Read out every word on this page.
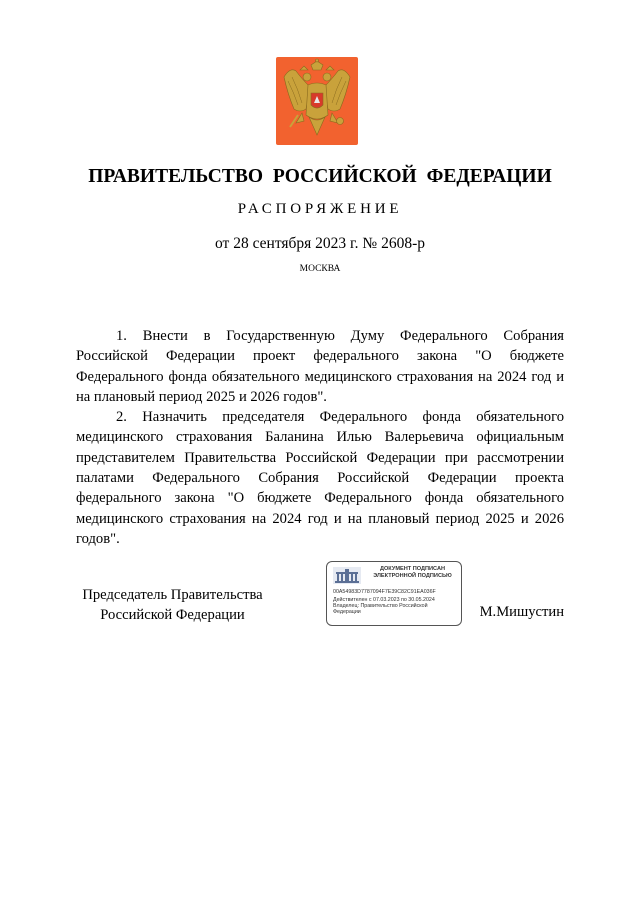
ПРАВИТЕЛЬСТВО РОССИЙСКОЙ ФЕДЕРАЦИИ
РАСПОРЯЖЕНИЕ
от 28 сентября 2023 г. № 2608-р
МОСКВА

1. Внести в Государственную Думу Федерального Собрания Российской Федерации проект федерального закона "О бюджете Федерального фонда обязательного медицинского страхования на 2024 год и на плановый период 2025 и 2026 годов".

2. Назначить председателя Федерального фонда обязательного медицинского страхования Баланина Илью Валерьевича официальным представителем Правительства Российской Федерации при рассмотрении палатами Федерального Собрания Российской Федерации проекта федерального закона "О бюджете Федерального фонда обязательного медицинского страхования на 2024 год и на плановый период 2025 и 2026 годов".

Председатель Правительства
Российской Федерации
ДОКУМЕНТ ПОДПИСАН
ЭЛЕКТРОННОЙ ПОДПИСЬЮ
00A54983D7787094F7E39C82C91EA036F
Действителен с 07.03.2023 по 30.05.2024
Владелец: Правительство Российской
Федерации	М.Мишустин
